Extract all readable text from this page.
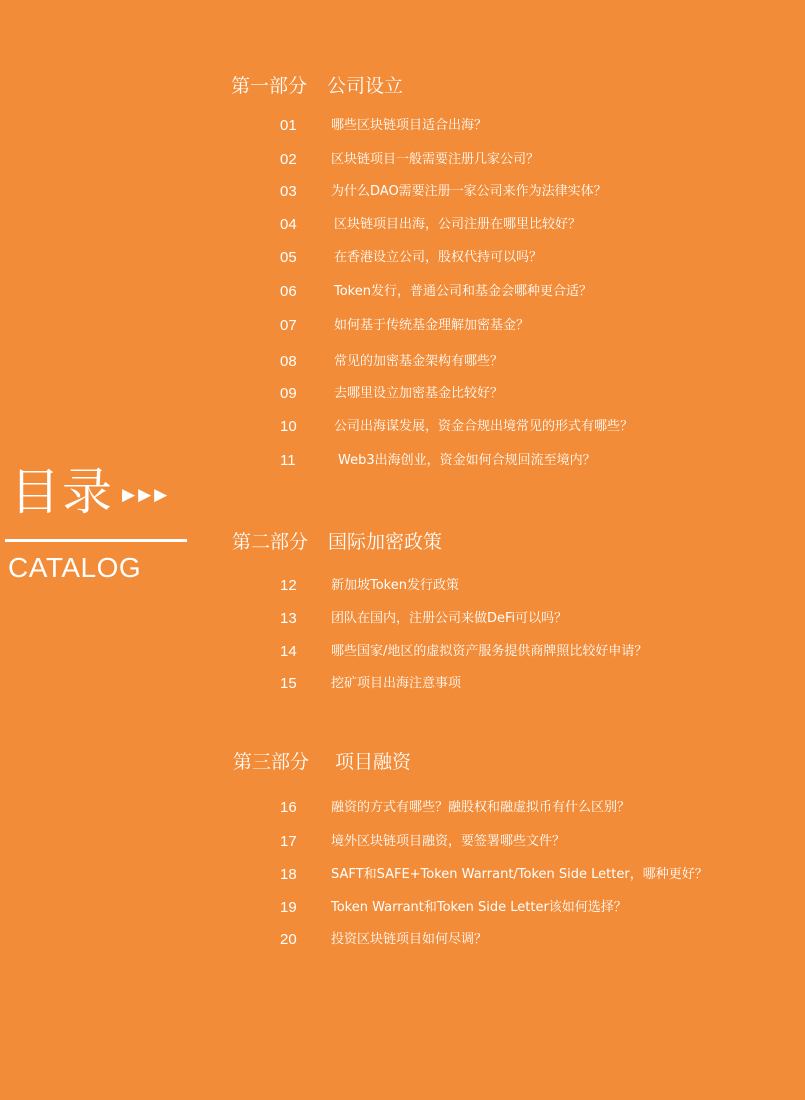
目录 ▶▶▶
CATALOG
第一部分 公司设立
01	哪些区块链项目适合出海？
02	区块链项目一般需要注册几家公司？
03	为什么DAO需要注册一家公司来作为法律实体？
04	区块链项目出海，公司注册在哪里比较好？
05	在香港设立公司，股权代持可以吗？
06	Token发行，普通公司和基金会哪种更合适？
07	如何基于传统基金理解加密基金？
08	常见的加密基金架构有哪些？
09	去哪里设立加密基金比较好？
10	公司出海谋发展，资金合规出境常见的形式有哪些？
11	Web3出海创业，资金如何合规回流至境内？
第二部分 国际加密政策
12	新加坡Token发行政策
13	团队在国内，注册公司来做DeFi可以吗？
14	哪些国家/地区的虚拟资产服务提供商牌照比较好申请？
15	挖矿项目出海注意事项
第三部分 项目融资
16	融资的方式有哪些？融股权和融虚拟币有什么区别？
17	境外区块链项目融资，要签署哪些文件？
18	SAFT和SAFE+Token Warrant/Token Side Letter，哪种更好？
19	Token Warrant和Token Side Letter该如何选择？
20	投资区块链项目如何尽调？
